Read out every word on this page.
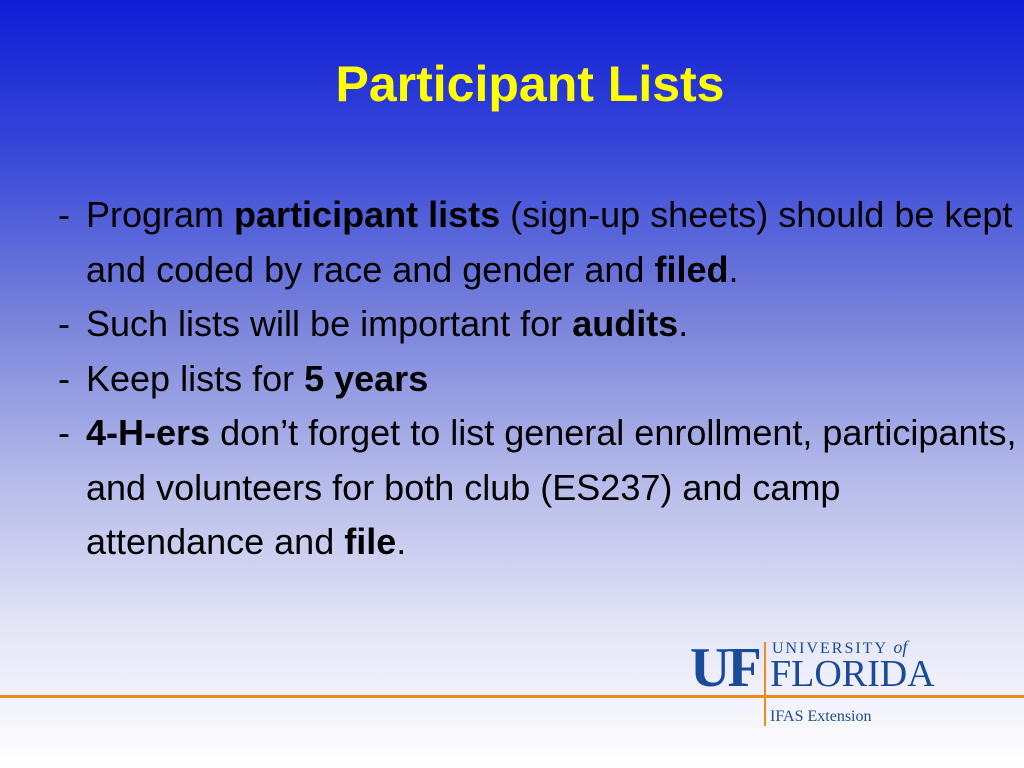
Participant Lists
- Program participant lists (sign-up sheets) should be kept and coded by race and gender and filed.
- Such lists will be important for audits.
- Keep lists for 5 years
- 4-H-ers don’t forget to list general enrollment, participants, and volunteers for both club (ES237) and camp attendance and file.
UF UNIVERSITY of
FLORIDA
IFAS Extension
